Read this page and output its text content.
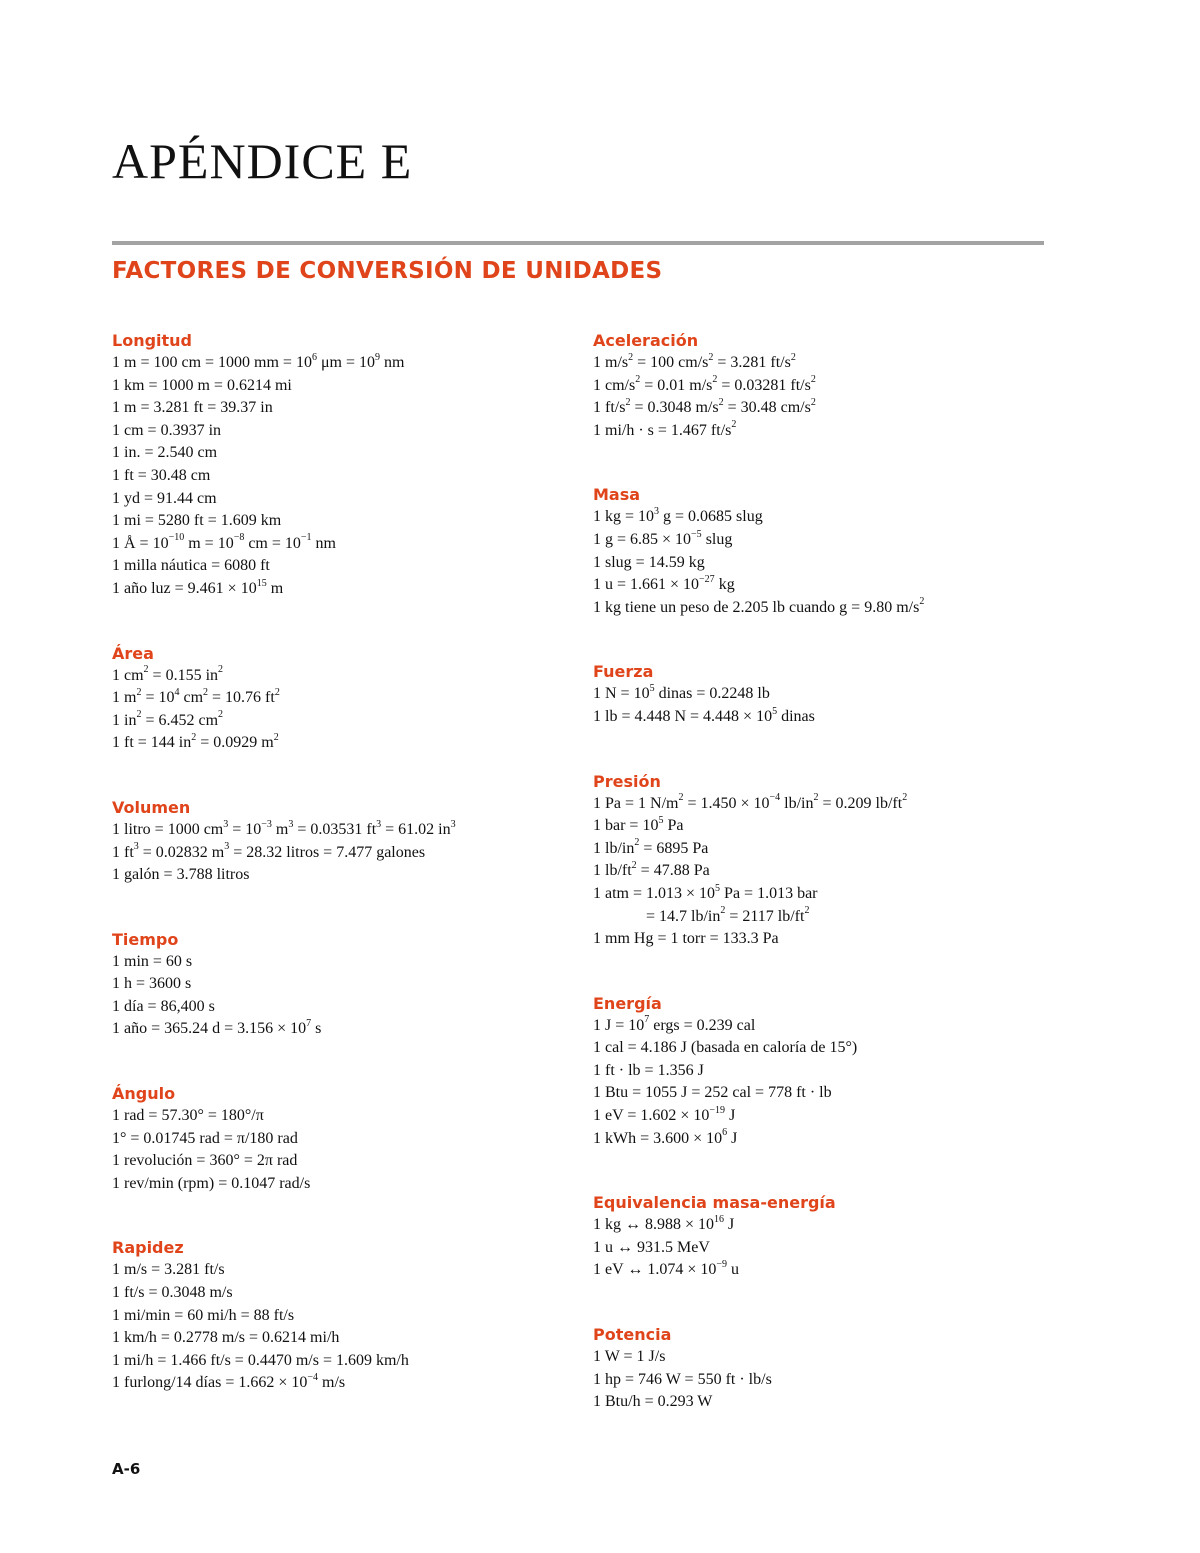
APÉNDICE E
FACTORES DE CONVERSIÓN DE UNIDADES
Longitud
1 m = 100 cm = 1000 mm = $10^6$ $\mu m = 10^9$ nm
1 km = 1000 m = 0.6214 mi
1 m = 3.281 ft = 39.37 in
1 cm = 0.3937 in
1 in. = 2.540 cm
1 ft = 30.48 cm
1 yd = 91.44 cm
1 mi = 5280 ft = 1.609 km
1 Å = $10^{-10}$ $m = 10^{-8}$ cm = $10^{-1}$ nm
1 milla náutica = 6080 ft
1 año luz = $9.461 \times 10^{15}$ m
Área
1 $cm^2 = 0.155$ $in^2$
1 $m^2 = 10^4$ $cm^2 = 10.76$ $ft^2$
1 $in^2 = 6.452$ $cm^2$
1 ft = 144 $in^2 = 0.0929$ $m^2$
Volumen
1 litro = 1000 $cm^3 = 10^{-3}$ $m^3 = 0.03531$ $ft^3 = 61.02$ $in^3$
1 $ft^3 = 0.02832$ $m^3 = 28.32$ litros = 7.477 galones
1 galón = 3.788 litros
Tiempo
1 min = 60 s
1 h = 3600 s
1 día = 86,400 s
1 año = 365.24 $d = 3.156 \times 10^7$ s
Ángulo
1 rad = 57.30° = 180°/π
1° = 0.01745 rad = π/180 rad
1 revolución = 360° = 2π rad
1 rev/min (rpm) = 0.1047 rad/s
Rapidez
1 m/s = 3.281 ft/s
1 ft/s = 0.3048 m/s
1 mi/min = 60 mi/h = 88 ft/s
1 km/h = 0.2778 m/s = 0.6214 mi/h
1 mi/h = 1.466 ft/s = 0.4470 m/s = 1.609 km/h
1 furlong/14 días = $1.662 \times 10^{-4}$ m/s
Aceleración
1 $m/s^2 = 100$ $cm/s^2 = 3.281$ $ft/s^2$
1 $cm/s^2 = 0.01$ $m/s^2 = 0.03281$ $ft/s^2$
1 $ft/s^2 = 0.3048$ $m/s^2 = 30.48$ $cm/s^2$
1 mi/h · s = 1.467 $ft/s^2$
Masa
1 kg = $10^3$ g = 0.0685 slug
1 $g = 6.85 \times 10^{-5}$ slug
1 slug = 14.59 kg
1 $u = 1.661 \times 10^{-27}$ kg
1 kg tiene un peso de 2.205 lb cuando g = 9.80 $m/s^2$
Fuerza
1 $N = 10^5$ dinas = 0.2248 lb
1 lb = 4.448 $N = 4.448 \times 10^5$ dinas
Presión
1 Pa = 1 $N/m^2 = 1.450 \times 10^{-4}$ $lb/in^2 = 0.209$ $lb/ft^2$
1 bar = $10^5$ Pa
1 $lb/in^2 = 6895$ Pa
1 $lb/ft^2 = 47.88$ Pa
1 atm = $1.013 \times 10^5$ Pa = 1.013 bar
= 14.7 $lb/in^2 = 2117$ $lb/ft^2$
1 mm Hg = 1 torr = 133.3 Pa
Energía
1 $J = 10^7$ ergs = 0.239 cal
1 cal = 4.186 J (basada en caloría de 15°)
1 ft · lb = 1.356 J
1 Btu = 1055 J = 252 cal = 778 ft · lb
1 eV = $1.602 \times 10^{-19}$ J
1 kWh = $3.600 \times 10^6$ J
Equivalencia masa-energía
1 kg ↔ $8.988 \times 10^{16}$ J
1 u ↔ 931.5 MeV
1 eV ↔ $1.074 \times 10^{-9}$ u
Potencia
1 W = 1 J/s
1 hp = 746 W = 550 ft · lb/s
1 Btu/h = 0.293 W
A-6
